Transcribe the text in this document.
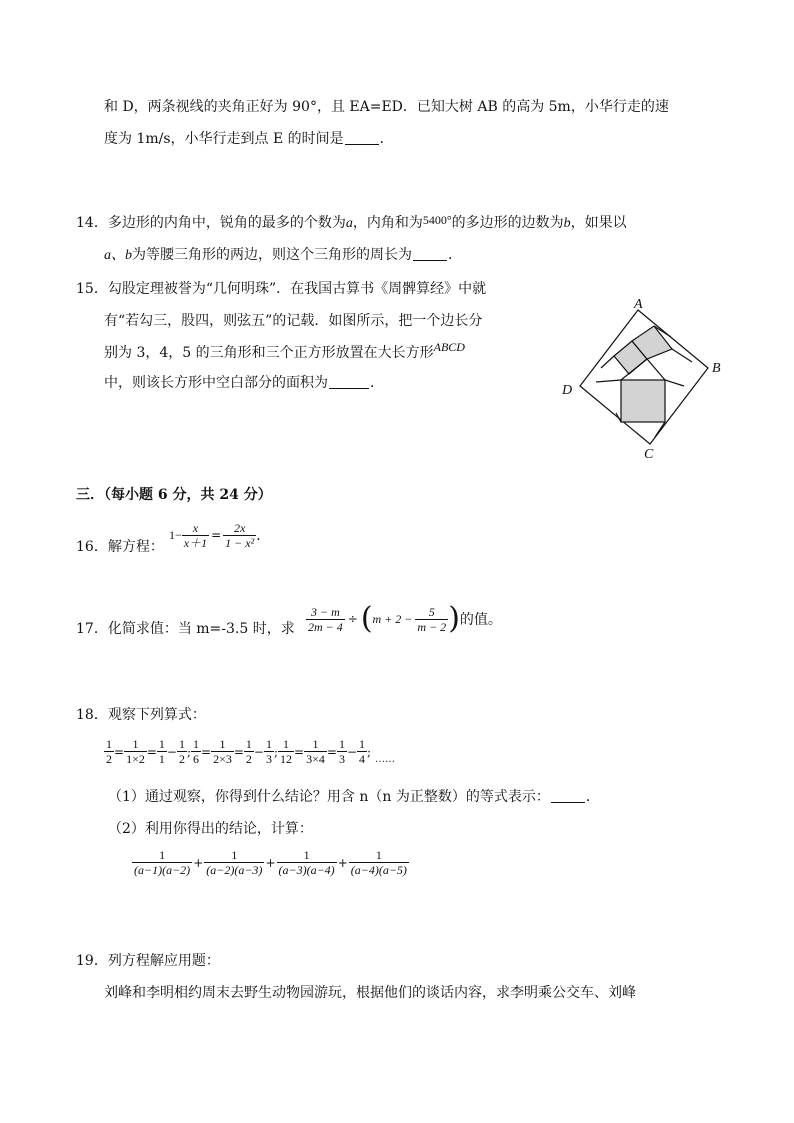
和 D，两条视线的夹角正好为 90°，且 EA=ED．已知大树 AB 的高为 5m，小华行走的速
度为 1m/s，小华行走到点 E 的时间是	．
14．多边形的内角中，锐角的最多的个数为a，内角和为5400°的多边形的边数为b，如果以
a、b为等腰三角形的两边，则这个三角形的周长为	．
15．勾股定理被誉为“几何明珠”．在我国古算书《周髀算经》中就
有“若勾三，股四，则弦五”的记载．如图所示，把一个边长分
别为 3，4，5 的三角形和三个正方形放置在大长方形ABCD
中，则该长方形中空白部分的面积为	．
A
B
C
D
三．（每小题 6 分，共 24 分）
16．解方程：
$1- \frac{x}{x+1} = \frac{2x}{\text{1 − x²}}$ ．
17．化简求值：当 m=-3.5 时，求 $\frac{3 - m}{2m - 4}$ ÷ ( $m + 2 - \frac{5}{m - 2}$ ) 的值。
18．观察下列算式：
$\frac{1}{2} = \frac{1}{1\times 2} = \frac{1}{1} - \frac{1}{2}$ ; $\frac{1}{6} = \frac{1}{2\times 3} = \frac{1}{2} - \frac{1}{3}$ ; $\frac{1}{12} = \frac{1}{3\times 4} = \frac{1}{3} - \frac{1}{4}$ ;
……
（1）通过观察，你得到什么结论？用含 n（n 为正整数）的等式表示：	．
（2）利用你得出的结论，计算：
$\frac{1}{(a-1)(a-2)} + \frac{1}{(a-2)(a-3)} + \frac{1}{(a-3)(a-4)} + \frac{1}{(a-4)(a-5)}$
19．列方程解应用题：
刘峰和李明相约周末去野生动物园游玩，根据他们的谈话内容，求李明乘公交车、刘峰
